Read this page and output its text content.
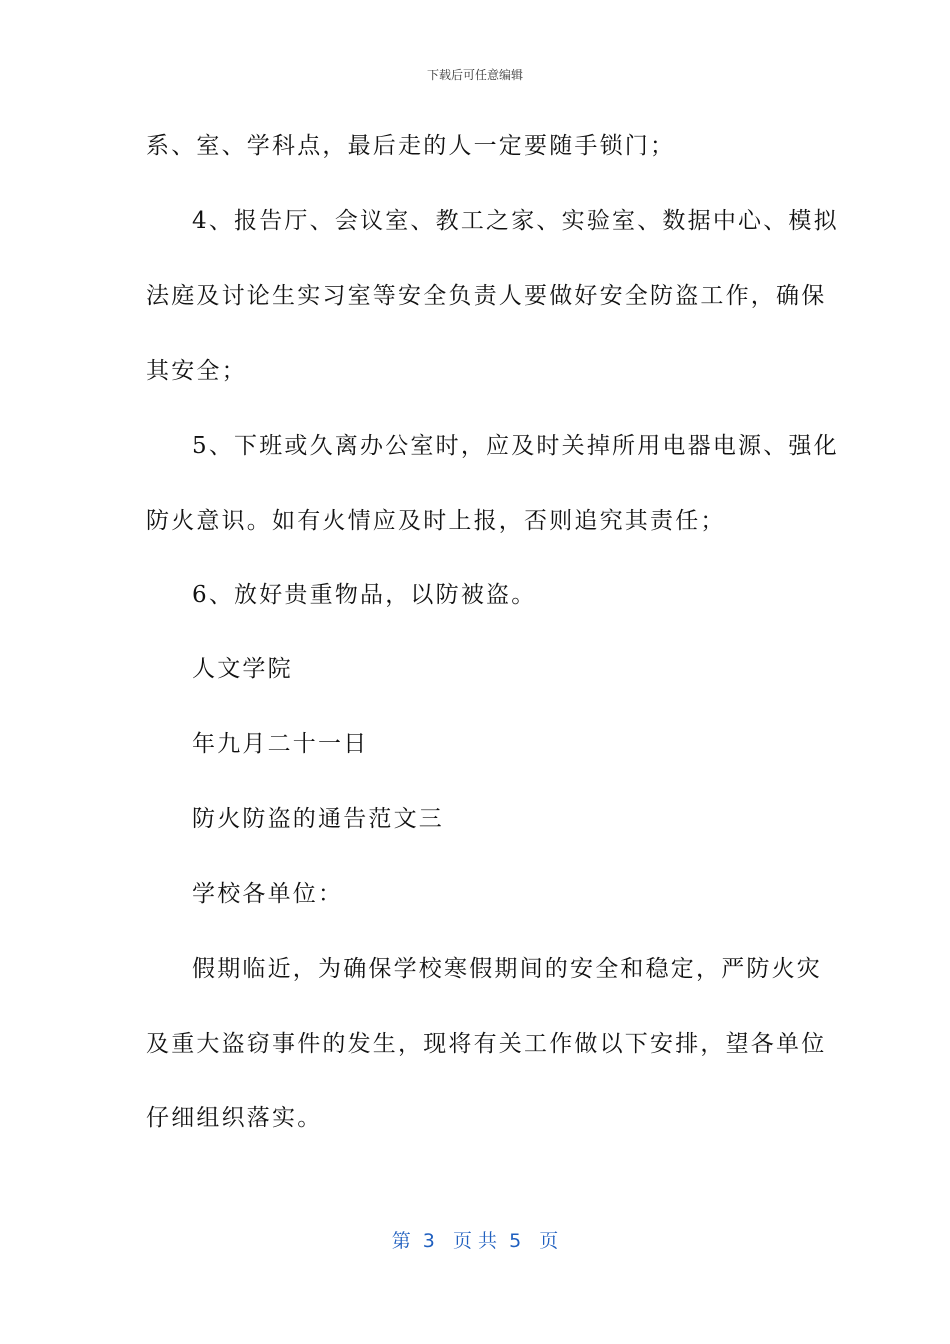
下载后可任意编辑
系、室、学科点，最后走的人一定要随手锁门；
4、报告厅、会议室、教工之家、实验室、数据中心、模拟
法庭及讨论生实习室等安全负责人要做好安全防盗工作，确保
其安全；
5、下班或久离办公室时，应及时关掉所用电器电源、强化
防火意识。如有火情应及时上报，否则追究其责任；
6、放好贵重物品，以防被盗。
人文学院
年九月二十一日
防火防盗的通告范文三
学校各单位：
假期临近，为确保学校寒假期间的安全和稳定，严防火灾
及重大盗窃事件的发生，现将有关工作做以下安排，望各单位
仔细组织落实。
第  3   页 共  5   页
